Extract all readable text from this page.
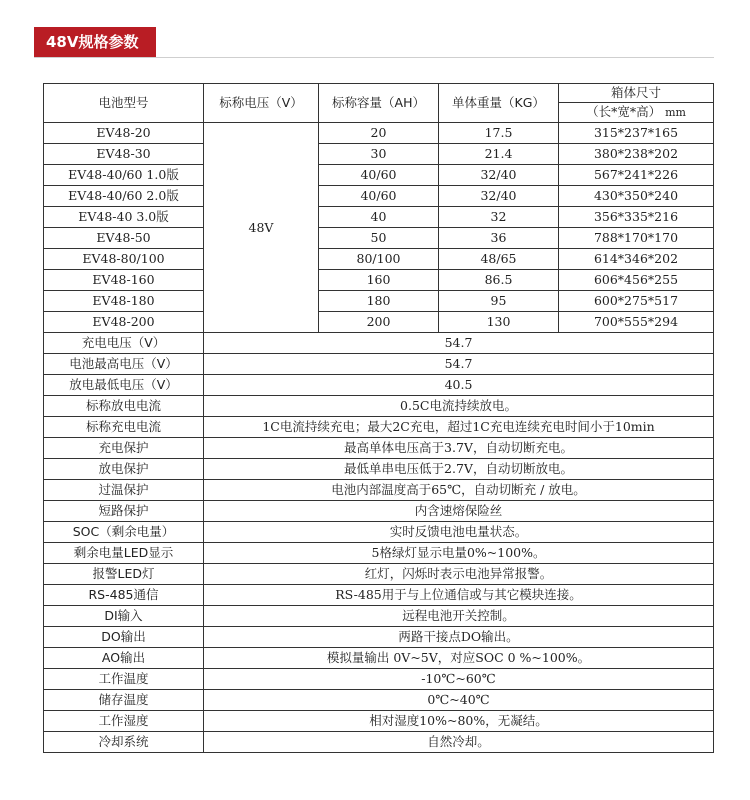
48V规格参数
电池型号	标称电压（V）	标称容量（AH）	单体重量（KG）	箱体尺寸
				（长*宽*高） mm
EV48-20	48V	20	17.5	315*237*165
EV48-30		30	21.4	380*238*202
EV48-40/60 1.0版		40/60	32/40	567*241*226
EV48-40/60 2.0版		40/60	32/40	430*350*240
EV48-40 3.0版		40	32	356*335*216
EV48-50		50	36	788*170*170
EV48-80/100		80/100	48/65	614*346*202
EV48-160		160	86.5	606*456*255
EV48-180		180	95	600*275*517
EV48-200		200	130	700*555*294
充电电压（V）	54.7			
电池最高电压（V）	54.7			
放电最低电压（V）	40.5			
标称放电电流	0.5C电流持续放电。			
标称充电电流	1C电流持续充电；最大2C充电，超过1C充电连续充电时间小于10min			
充电保护	最高单体电压高于3.7V，自动切断充电。			
放电保护	最低单串电压低于2.7V，自动切断放电。			
过温保护	电池内部温度高于65℃，自动切断充 / 放电。			
短路保护	内含速熔保险丝			
SOC（剩余电量）	实时反馈电池电量状态。			
剩余电量LED显示	5格绿灯显示电量0%~100%。			
报警LED灯	红灯，闪烁时表示电池异常报警。			
RS-485通信	RS-485用于与上位通信或与其它模块连接。			
DI输入	远程电池开关控制。			
DO输出	两路干接点DO输出。			
AO输出	模拟量输出 0V~5V，对应SOC 0 %~100%。			
工作温度	-10℃~60℃			
储存温度	0℃~40℃			
工作湿度	相对湿度10%~80%，无凝结。			
冷却系统	自然冷却。			
